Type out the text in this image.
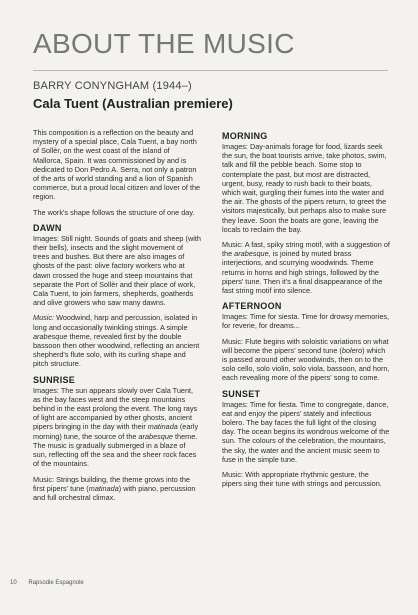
ABOUT THE MUSIC
BARRY CONYNGHAM (1944–)
Cala Tuent (Australian premiere)

This composition is a reflection on the beauty and mystery of a special place, Cala Tuent, a bay north of Sollèr, on the west coast of the island of Mallorca, Spain. It was commissioned by and is dedicated to Don Pedro A. Serra, not only a patron of the arts of world standing and a lion of Spanish commerce, but a proud local citizen and lover of the region.

The work's shape follows the structure of one day.

DAWN

Images: Still night. Sounds of goats and sheep (with their bells), insects and the slight movement of trees and bushes. But there are also images of ghosts of the past: olive factory workers who at dawn crossed the huge and steep mountains that separate the Port of Sollèr and their place of work, Cala Tuent, to join farmers, shepherds, goatherds and olive growers who saw many dawns.

Music: Woodwind, harp and percussion, isolated in long and occasionally twinkling strings. A simple arabesque theme, revealed first by the double bassoon then other woodwind, reflecting an ancient shepherd's flute solo, with its curling shape and pitch structure.

SUNRISE

Images: The sun appears slowly over Cala Tuent, as the bay faces west and the steep mountains behind in the east prolong the event. The long rays of light are accompanied by other ghosts, ancient pipers bringing in the day with their matinada (early morning) tune, the source of the arabesque theme. The music is gradually submerged in a blaze of sun, reflecting off the sea and the sheer rock faces of the mountains.

Music: Strings building, the theme grows into the first pipers' tune (matinada) with piano, percussion and full orchestral climax.

MORNING

Images: Day-animals forage for food, lizards seek the sun, the boat tourists arrive, take photos, swim, talk and fill the pebble beach. Some stop to contemplate the past, but most are distracted, urgent, busy, ready to rush back to their boats, which wait, gurgling their fumes into the water and the air. The ghosts of the pipers return, to greet the visitors majestically, but perhaps also to make sure they leave. Soon the boats are gone, leaving the locals to reclaim the bay.

Music: A fast, spiky string motif, with a suggestion of the arabesque, is joined by muted brass interjections, and scurrying woodwinds. Theme returns in horns and high strings, followed by the pipers' tune. Then it's a final disappearance of the fast string motif into silence.

AFTERNOON

Images: Time for siesta. Time for drowsy memories, for reverie, for dreams...

Music: Flute begins with soloistic variations on what will become the pipers' second tune (bolero) which is passed around other woodwinds, then on to the solo cello, solo violin, solo viola, bassoon, and horn, each revealing more of the pipers' song to come.

SUNSET

Images: Time for fiesta. Time to congregate, dance, eat and enjoy the pipers' stately and infectious bolero. The bay faces the full light of the closing day. The ocean begins its wondrous welcome of the sun. The colours of the celebration, the mountains, the sky, the water and the ancient music seem to fuse in the simple tune.

Music: With appropriate rhythmic gesture, the pipers sing their tune with strings and percussion.

10 Rapsodie Espagnole
·
